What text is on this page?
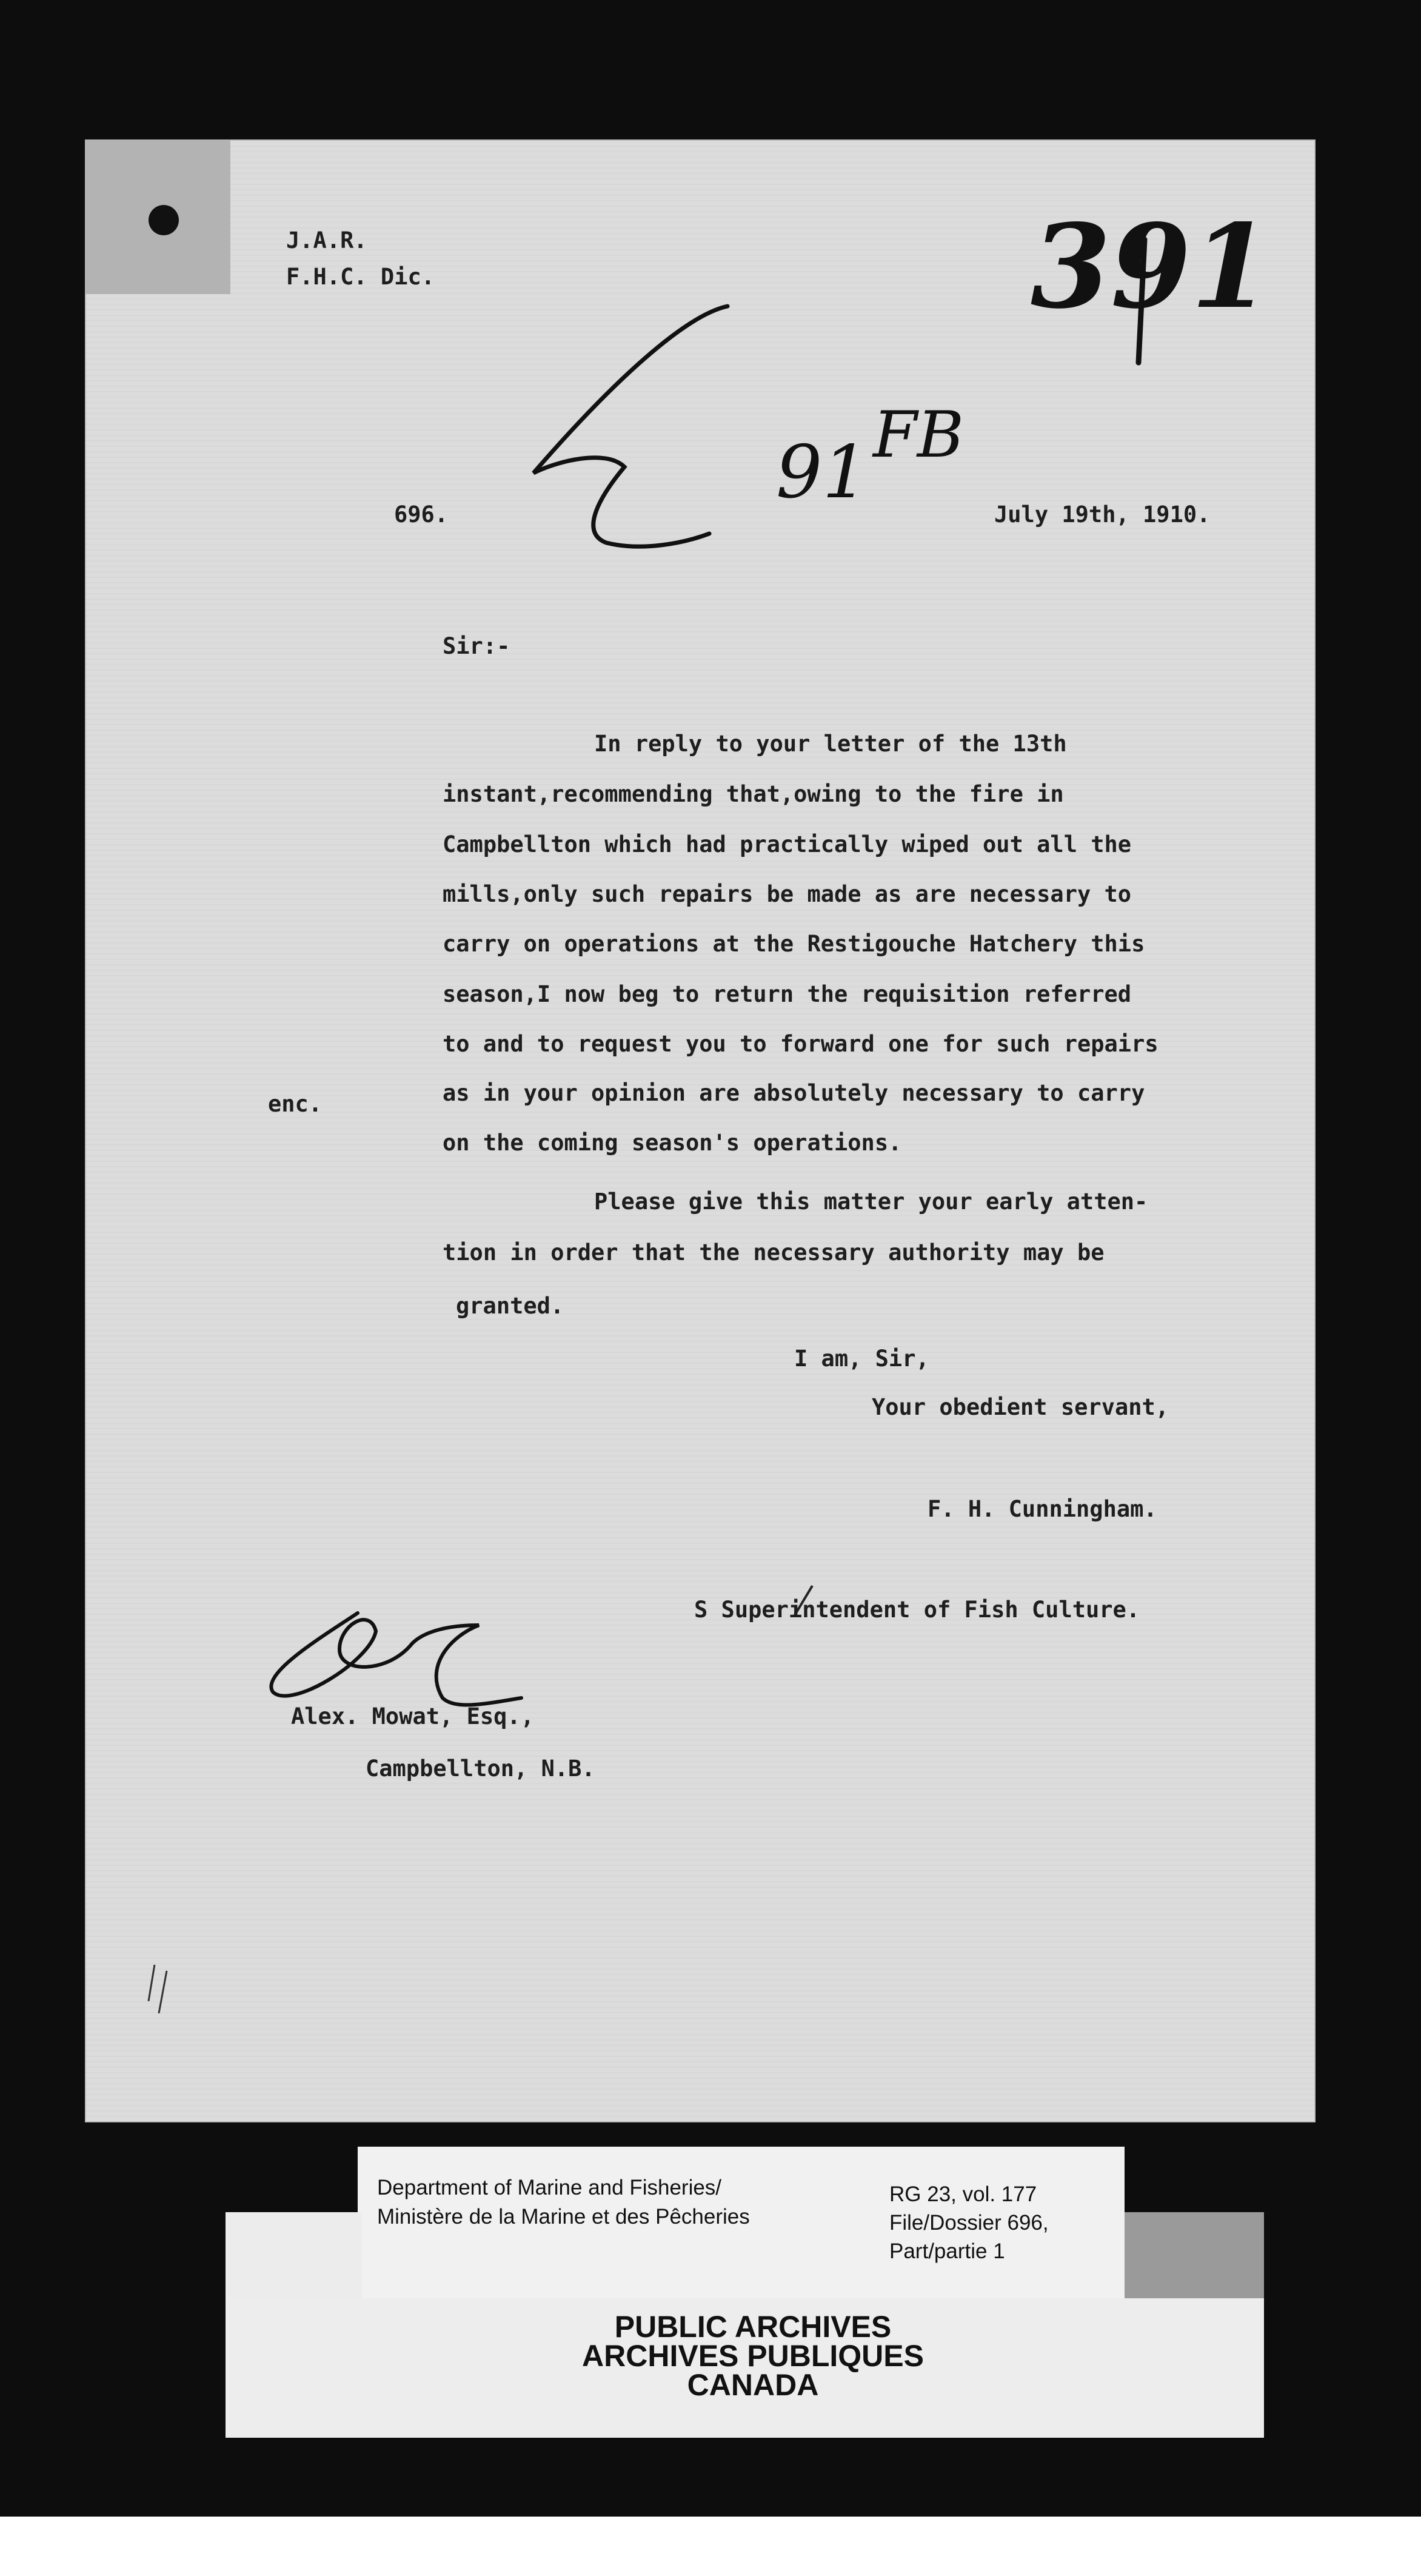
391

91 FB

J.A.R.

F.H.C. Dic.

696.	July 19th, 1910.

Sir:-

In reply to your letter of the 13th

instant,recommending that,owing to the fire in

Campbellton which had practically wiped out all the

mills,only such repairs be made as are necessary to

carry on operations at the Restigouche Hatchery this

season,I now beg to return the requisition referred

to and to request you to forward one for such repairs

as in your opinion are absolutely necessary to carry

on the coming season's operations.

Please give this matter your early atten-

tion in order that the necessary authority may be

granted.

enc.

I am, Sir,

Your obedient servant,

F. H. Cunningham.

S Superintendent of Fish Culture.

Alex. Mowat, Esq.,

Campbellton, N.B.

Department of Marine and Fisheries/

Ministère de la Marine et des Pêcheries

RG 23, vol. 177

File/Dossier 696,

Part/partie 1

PUBLIC ARCHIVES

ARCHIVES PUBLIQUES

CANADA
